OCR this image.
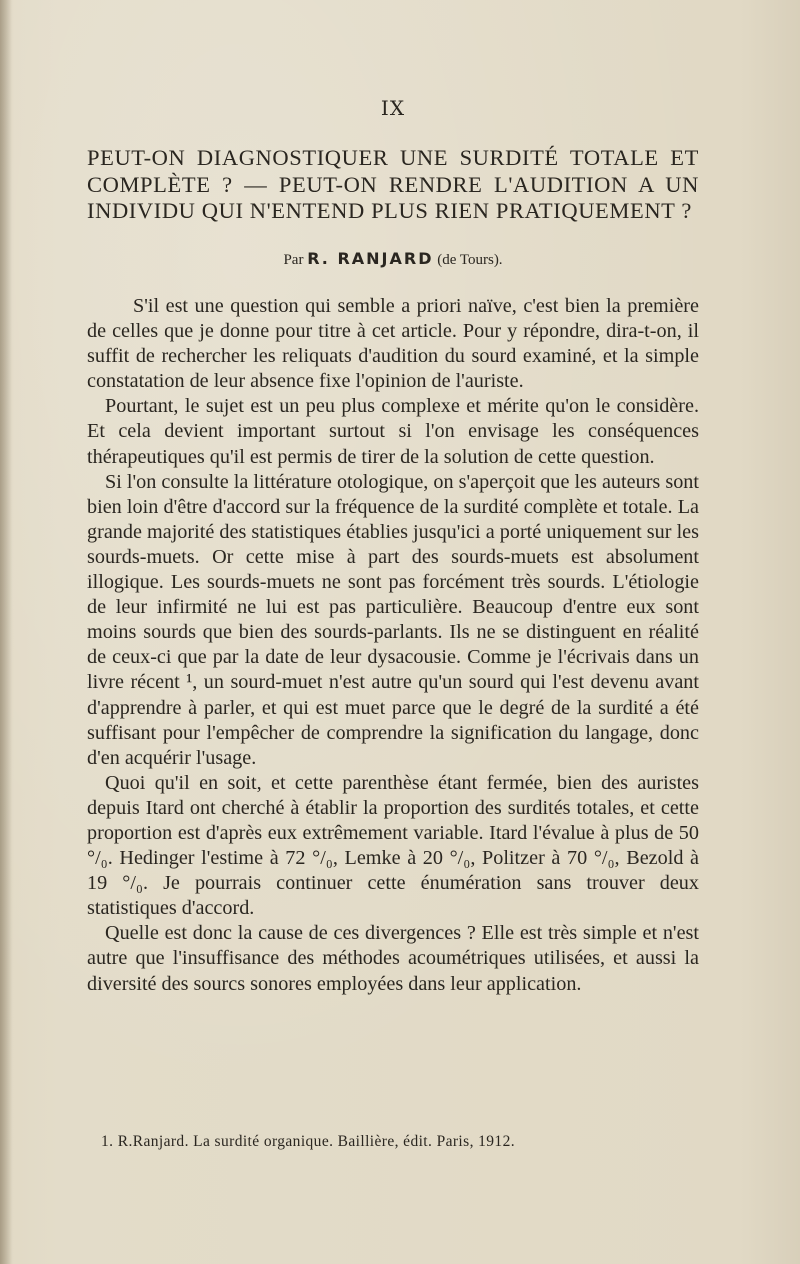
IX
PEUT-ON DIAGNOSTIQUER UNE SURDITÉ TOTALE ET COMPLÈTE ? — PEUT-ON RENDRE L'AUDITION A UN INDIVIDU QUI N'ENTEND PLUS RIEN PRATIQUEMENT ?
Par R. RANJARD (de Tours).

S'il est une question qui semble a priori naïve, c'est bien la première de celles que je donne pour titre à cet article. Pour y répondre, dira-t-on, il suffit de rechercher les reliquats d'audition du sourd examiné, et la simple constatation de leur absence fixe l'opinion de l'auriste.

Pourtant, le sujet est un peu plus complexe et mérite qu'on le considère. Et cela devient important surtout si l'on envisage les conséquences thérapeutiques qu'il est permis de tirer de la solution de cette question.

Si l'on consulte la littérature otologique, on s'aperçoit que les auteurs sont bien loin d'être d'accord sur la fréquence de la surdité complète et totale. La grande majorité des statistiques établies jusqu'ici a porté uniquement sur les sourds-muets. Or cette mise à part des sourds-muets est absolument illogique. Les sourds-muets ne sont pas forcément très sourds. L'étiologie de leur infirmité ne lui est pas particulière. Beaucoup d'entre eux sont moins sourds que bien des sourds-parlants. Ils ne se distinguent en réalité de ceux-ci que par la date de leur dysacousie. Comme je l'écrivais dans un livre récent ¹, un sourd-muet n'est autre qu'un sourd qui l'est devenu avant d'apprendre à parler, et qui est muet parce que le degré de la surdité a été suffisant pour l'empêcher de comprendre la signification du langage, donc d'en acquérir l'usage.

Quoi qu'il en soit, et cette parenthèse étant fermée, bien des auristes depuis Itard ont cherché à établir la proportion des surdités totales, et cette proportion est d'après eux extrêmement variable. Itard l'évalue à plus de 50 °/₀. Hedinger l'estime à 72 °/₀, Lemke à 20 °/₀, Politzer à 70 °/₀, Bezold à 19 °/₀. Je pourrais continuer cette énumération sans trouver deux statistiques d'accord.

Quelle est donc la cause de ces divergences ? Elle est très simple et n'est autre que l'insuffisance des méthodes acoumétriques utilisées, et aussi la diversité des sourcs sonores employées dans leur application.

1. R.Ranjard. La surdité organique. Baillière, édit. Paris, 1912.
